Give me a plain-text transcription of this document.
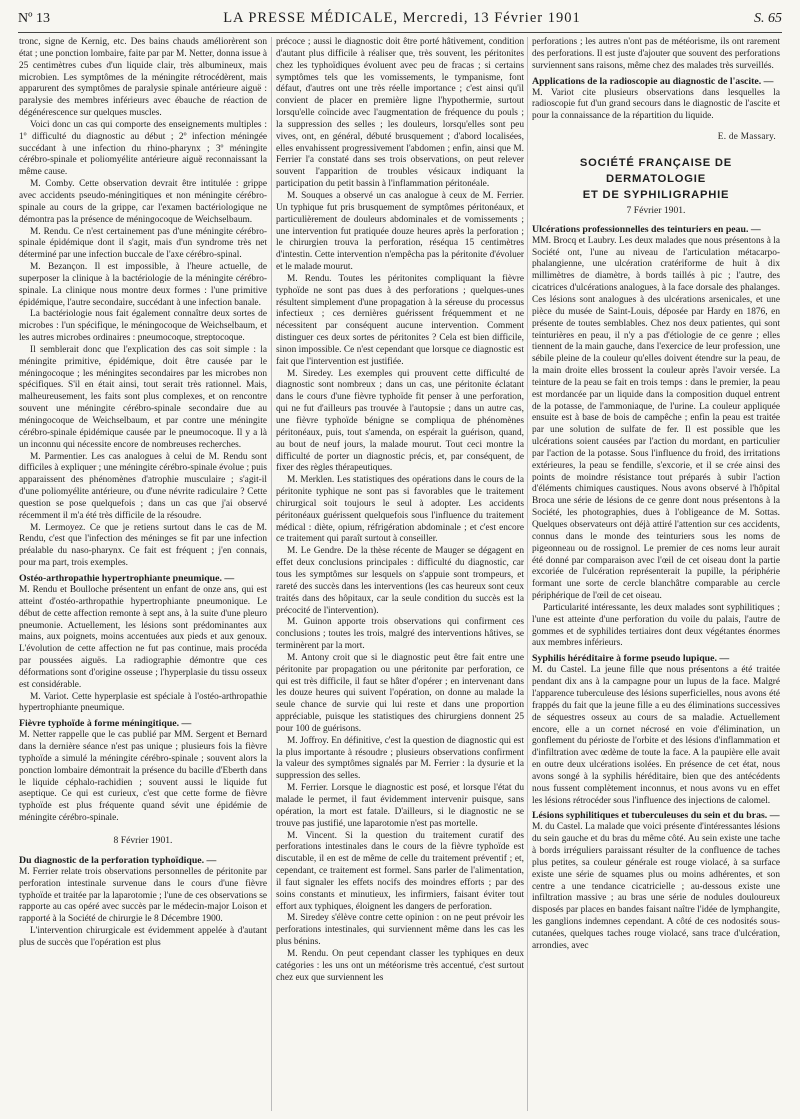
Nº 13	LA PRESSE MÉDICALE, Mercredi, 13 Février 1901	S. 65

tronc, signe de Kernig, etc. Des bains chauds améliorèrent son état ; une ponction lombaire, faite par par M. Netter, donna issue à 25 centimètres cubes d'un liquide clair, très albumineux, mais microbien. Les symptômes de la méningite rétrocédèrent, mais apparurent des symptômes de paralysie spinale antérieure aiguë : paralysie des membres inférieurs avec ébauche de réaction de dégénérescence sur quelques muscles.

Voici donc un cas qui comporte des enseignements multiples : 1º difficulté du diagnostic au début ; 2º infection méningée succédant à une infection du rhino-pharynx ; 3º méningite cérébro-spinale et poliomyélite antérieure aiguë reconnaissant la même cause.

M. Comby. Cette observation devrait être intitulée : grippe avec accidents pseudo-méningitiques et non méningite cérébro-spinale au cours de la grippe, car l'examen bactériologique ne démontra pas la présence de méningocoque de Weichselbaum.

M. Rendu. Ce n'est certainement pas d'une méningite cérébro-spinale épidémique dont il s'agit, mais d'un syndrome très net déterminé par une infection buccale de l'axe cérébro-spinal.

M. Bezançon. Il est impossible, à l'heure actuelle, de superposer la clinique à la bactériologie de la méningite cérébro-spinale. La clinique nous montre deux formes : l'une primitive épidémique, l'autre secondaire, succédant à une infection banale.

La bactériologie nous fait également connaître deux sortes de microbes : l'un spécifique, le méningocoque de Weichselbaum, et les autres microbes ordinaires : pneumocoque, streptocoque.

Il semblerait donc que l'explication des cas soit simple : la méningite primitive, épidémique, doit être causée par le méningocoque ; les méningites secondaires par les microbes non spécifiques. S'il en était ainsi, tout serait très rationnel. Mais, malheureusement, les faits sont plus complexes, et on rencontre souvent une méningite cérébro-spinale secondaire due au méningocoque de Weichselbaum, et par contre une méningite cérébro-spinale épidémique causée par le pneumocoque. Il y a là un inconnu qui nécessite encore de nombreuses recherches.

M. Parmentier. Les cas analogues à celui de M. Rendu sont difficiles à expliquer ; une méningite cérébro-spinale évolue ; puis apparaissent des phénomènes d'atrophie musculaire ; s'agit-il d'une poliomyélite antérieure, ou d'une névrite radiculaire ? Cette question se pose quelquefois ; dans un cas que j'ai observé récemment il m'a été très difficile de la résoudre.

M. Lermoyez. Ce que je retiens surtout dans le cas de M. Rendu, c'est que l'infection des méninges se fit par une infection préalable du naso-pharynx. Ce fait est fréquent ; j'en connais, pour ma part, trois exemples.

Ostéo-arthropathie hypertrophiante pneumique. —

M. Rendu et Boulloche présentent un enfant de onze ans, qui est atteint d'ostéo-arthropathie hypertrophiante pneumonique. Le début de cette affection remonte à sept ans, à la suite d'une pleuro pneumonie. Actuellement, les lésions sont prédominantes aux mains, aux poignets, moins accentuées aux pieds et aux genoux. L'évolution de cette affection ne fut pas continue, mais procéda par poussées aiguës. La radiographie démontre que ces déformations sont d'origine osseuse ; l'hyperplasie du tissu osseux est considérable.

M. Variot. Cette hyperplasie est spéciale à l'ostéo-arthropathie hypertrophiante pneumique.

Fièvre typhoïde à forme méningitique. —

M. Netter rappelle que le cas publié par MM. Sergent et Bernard dans la dernière séance n'est pas unique ; plusieurs fois la fièvre typhoïde a simulé la méningite cérébro-spinale ; souvent alors la ponction lombaire démontrait la présence du bacille d'Eberth dans le liquide céphalo-rachidien ; souvent aussi le liquide fut aseptique. Ce qui est curieux, c'est que cette forme de fièvre typhoïde est plus fréquente quand sévit une épidémie de méningite cérébro-spinale.

8 Février 1901.
Du diagnostic de la perforation typhoïdique. —

M. Ferrier relate trois observations personnelles de péritonite par perforation intestinale survenue dans le cours d'une fièvre typhoïde et traitée par la laparotomie ; l'une de ces observations se rapporte au cas opéré avec succès par le médecin-major Loison et rapporté à la Société de chirurgie le 8 Décembre 1900.

L'intervention chirurgicale est évidemment appelée à d'autant plus de succès que l'opération est plus

précoce ; aussi le diagnostic doit être porté hâtivement, condition d'autant plus difficile à réaliser que, très souvent, les péritonites chez les typhoïdiques évoluent avec peu de fracas ; si certains symptômes tels que les vomissements, le tympanisme, font défaut, d'autres ont une très réelle importance ; c'est ainsi qu'il convient de placer en première ligne l'hypothermie, surtout lorsqu'elle coïncide avec l'augmentation de fréquence du pouls ; la suppression des selles ; les douleurs, lorsqu'elles sont peu vives, ont, en général, débuté brusquement ; d'abord localisées, elles envahissent progressivement l'abdomen ; enfin, ainsi que M. Ferrier l'a constaté dans ses trois observations, on peut relever souvent l'apparition de troubles vésicaux indiquant la participation du petit bassin à l'inflammation péritonéale.

M. Souques a observé un cas analogue à ceux de M. Ferrier. Un typhique fut pris brusquement de symptômes péritonéaux, et particulièrement de douleurs abdominales et de vomissements ; une intervention fut pratiquée douze heures après la perforation ; le chirurgien trouva la perforation, réséqua 15 centimètres d'intestin. Cette intervention n'empêcha pas la péritonite d'évoluer et le malade mourut.

M. Rendu. Toutes les péritonites compliquant la fièvre typhoïde ne sont pas dues à des perforations ; quelques-unes résultent simplement d'une propagation à la séreuse du processus infectieux ; ces dernières guérissent fréquemment et ne nécessitent par conséquent aucune intervention. Comment distinguer ces deux sortes de péritonites ? Cela est bien difficile, sinon impossible. Ce n'est cependant que lorsque ce diagnostic est fait que l'intervention est justifiée.

M. Siredey. Les exemples qui prouvent cette difficulté de diagnostic sont nombreux ; dans un cas, une péritonite éclatant dans le cours d'une fièvre typhoïde fit penser à une perforation, qui ne fut d'ailleurs pas trouvée à l'autopsie ; dans un autre cas, une fièvre typhoïde bénigne se compliqua de phénomènes péritonéaux, puis, tout s'amenda, on espérait la guérison, quand, au bout de neuf jours, la malade mourut. Tout ceci montre la difficulté de porter un diagnostic précis, et, par conséquent, de fixer des règles thérapeutiques.

M. Merklen. Les statistiques des opérations dans le cours de la péritonite typhique ne sont pas si favorables que le traitement chirurgical soit toujours le seul à adopter. Les accidents péritonéaux guérissent quelquefois sous l'influence du traitement médical : diète, opium, réfrigération abdominale ; et c'est encore ce traitement qui paraît surtout à conseiller.

M. Le Gendre. De la thèse récente de Mauger se dégagent en effet deux conclusions principales : difficulté du diagnostic, car tous les symptômes sur lesquels on s'appuie sont trompeurs, et rareté des succès dans les interventions (les cas heureux sont ceux traités dans des hôpitaux, car la seule condition du succès est la précocité de l'intervention).

M. Guinon apporte trois observations qui confirment ces conclusions ; toutes les trois, malgré des interventions hâtives, se terminèrent par la mort.

M. Antony croit que si le diagnostic peut être fait entre une péritonite par propagation ou une péritonite par perforation, ce qui est très difficile, il faut se hâter d'opérer ; en intervenant dans les douze heures qui suivent l'opération, on donne au malade la seule chance de survie qui lui reste et dans une proportion appréciable, puisque les statistiques des chirurgiens donnent 25 pour 100 de guérisons.

M. Joffroy. En définitive, c'est la question de diagnostic qui est la plus importante à résoudre ; plusieurs observations confirment la valeur des symptômes signalés par M. Ferrier : la dysurie et la suppression des selles.

M. Ferrier. Lorsque le diagnostic est posé, et lorsque l'état du malade le permet, il faut évidemment intervenir puisque, sans opération, la mort est fatale. D'ailleurs, si le diagnostic ne se trouve pas justifié, une laparotomie n'est pas mortelle.

M. Vincent. Si la question du traitement curatif des perforations intestinales dans le cours de la fièvre typhoïde est discutable, il en est de même de celle du traitement préventif ; et, cependant, ce traitement est formel. Sans parler de l'alimentation, il faut signaler les effets nocifs des moindres efforts ; par des soins constants et minutieux, les infirmiers, faisant éviter tout effort aux typhiques, éloignent les dangers de perforation.

M. Siredey s'élève contre cette opinion : on ne peut prévoir les perforations intestinales, qui surviennent même dans les cas les plus bénins.

M. Rendu. On peut cependant classer les typhiques en deux catégories : les uns ont un météorisme très accentué, c'est surtout chez eux que surviennent les

perforations ; les autres n'ont pas de météorisme, ils ont rarement des perforations. Il est juste d'ajouter que souvent des perforations surviennent sans raisons, même chez des malades très surveillés.

Applications de la radioscopie au diagnostic de l'ascite. —

M. Variot cite plusieurs observations dans lesquelles la radioscopie fut d'un grand secours dans le diagnostic de l'ascite et pour la connaissance de la répartition du liquide.

E. de Massary.
SOCIÉTÉ FRANÇAISE DE DERMATOLOGIE
ET DE SYPHILIGRAPHIE
7 Février 1901.
Ulcérations professionnelles des teinturiers en peau. —

MM. Brocq et Laubry. Les deux malades que nous présentons à la Société ont, l'une au niveau de l'articulation métacarpo-phalangienne, une ulcération cratériforme de huit à dix millimètres de diamètre, à bords taillés à pic ; l'autre, des cicatrices d'ulcérations analogues, à la face dorsale des phalanges. Ces lésions sont analogues à des ulcérations arsenicales, et une pièce du musée de Saint-Louis, déposée par Hardy en 1876, en présente de toutes semblables. Chez nos deux patientes, qui sont teinturières en peau, il n'y a pas d'étiologie de ce genre ; elles tiennent de la main gauche, dans l'exercice de leur profession, une sébile pleine de la couleur qu'elles doivent étendre sur la peau, de la main droite elles brossent la couleur après l'avoir versée. La teinture de la peau se fait en trois temps : dans le premier, la peau est mordancée par un liquide dans la composition duquel entrent de la potasse, de l'ammoniaque, de l'urine. La couleur appliquée ensuite est à base de bois de campêche ; enfin la peau est traitée par une solution de sulfate de fer. Il est possible que les ulcérations soient causées par l'action du mordant, en particulier par l'action de la potasse. Sous l'influence du froid, des irritations extérieures, la peau se fendille, s'excorie, et il se crée ainsi des points de moindre résistance tout préparés à subir l'action d'éléments chimiques caustiques. Nous avons observé à l'hôpital Broca une série de lésions de ce genre dont nous présentons à la Société, les photographies, dues à l'obligeance de M. Sottas. Quelques observateurs ont déjà attiré l'attention sur ces accidents, connus dans le monde des teinturiers sous les noms de pigeonneau ou de rossignol. Le premier de ces noms leur aurait été donné par comparaison avec l'œil de cet oiseau dont la partie excoriée de l'ulcération représenterait la pupille, la périphérie formant une sorte de cercle blanchâtre comparable au cercle périphérique de l'œil de cet oiseau.

Particularité intéressante, les deux malades sont syphilitiques ; l'une est atteinte d'une perforation du voile du palais, l'autre de gommes et de syphilides tertiaires dont deux végétantes énormes aux membres inférieurs.

Syphilis héréditaire à forme pseudo lupique. —

M. du Castel. La jeune fille que nous présentons a été traitée pendant dix ans à la campagne pour un lupus de la face. Malgré l'apparence tuberculeuse des lésions superficielles, nous avons été frappés du fait que la jeune fille a eu des éliminations successives de séquestres osseux au cours de sa maladie. Actuellement encore, elle a un cornet nécrosé en voie d'élimination, un gonflement du périoste de l'orbite et des lésions d'inflammation et d'infiltration avec œdème de toute la face. A la paupière elle avait en outre deux ulcérations isolées. En présence de cet état, nous avons songé à la syphilis héréditaire, bien que des antécédents nous fussent complètement inconnus, et nous avons vu en effet les lésions rétrocéder sous l'influence des injections de calomel.

Lésions syphilitiques et tuberculeuses du sein et du bras. —

M. du Castel. La malade que voici présente d'intéressantes lésions du sein gauche et du bras du même côté. Au sein existe une tache à bords irréguliers paraissant résulter de la confluence de taches plus petites, sa couleur générale est rouge violacé, à sa surface existe une série de squames plus ou moins adhérentes, et son centre a une tendance cicatricielle ; au-dessous existe une infiltration massive ; au bras une série de nodules douloureux disposés par places en bandes faisant naître l'idée de lymphangite, les ganglions indemnes cependant. A côté de ces nodosités sous-cutanées, quelques taches rouge violacé, sans trace d'ulcération, arrondies, avec
